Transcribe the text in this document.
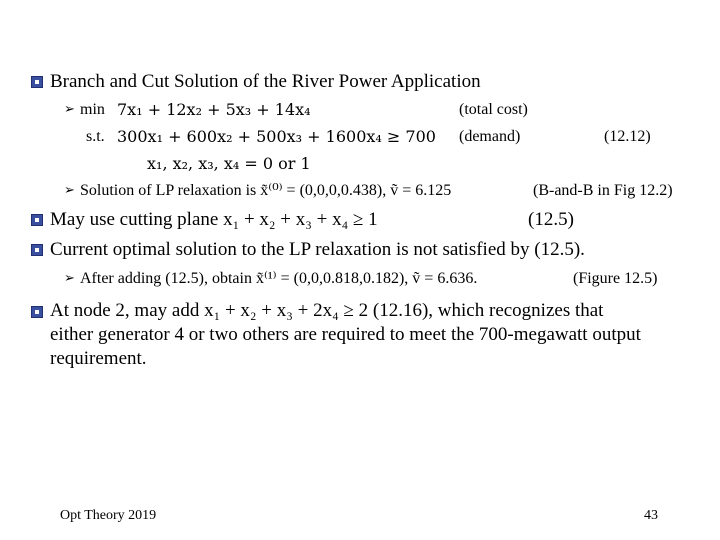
Branch and Cut Solution of the River Power Application
➢ min 7x₁ + 12x₂ + 5x₃ + 14x₄	(total cost)
s.t. 300x₁ + 600x₂ + 500x₃ + 1600x₄ ≥ 700 (demand)	(12.12)
x₁, x₂, x₃, x₄ = 0 or 1
➢ Solution of LP relaxation is x̃⁽⁰⁾ = (0,0,0,0.438), ṽ = 6.125	(B-and-B in Fig 12.2)
May use cutting plane x₁ + x₂ + x₃ + x₄ ≥ 1	(12.5)
Current optimal solution to the LP relaxation is not satisfied by (12.5).
➢ After adding (12.5), obtain x̃⁽¹⁾ = (0,0,0.818,0.182), ṽ = 6.636.	(Figure 12.5)
At node 2, may add x₁ + x₂ + x₃ + 2x₄ ≥ 2 (12.16), which recognizes that
either generator 4 or two others are required to meet the 700-megawatt output
requirement.
Opt Theory 2019	43
